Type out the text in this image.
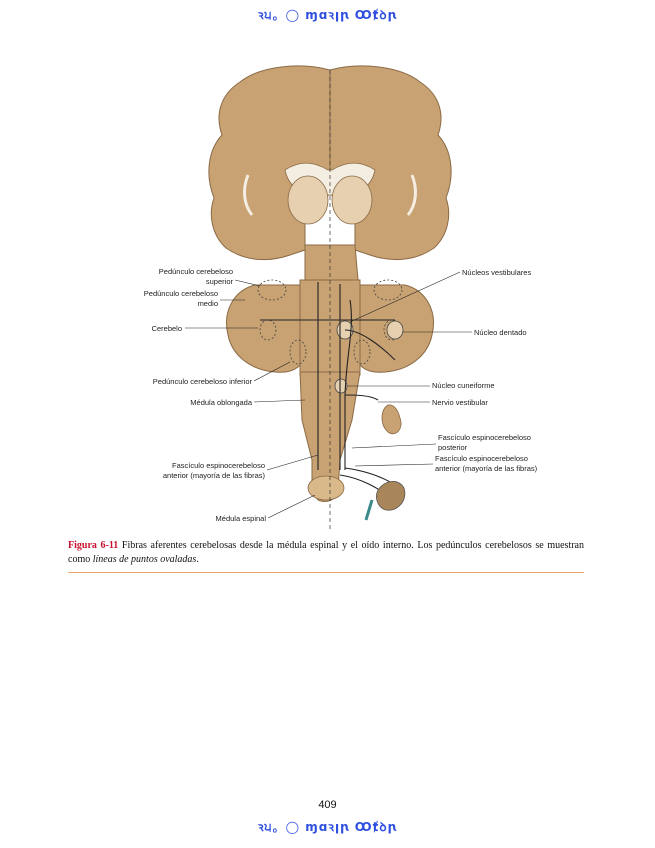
ꝛ੫。◯ ɱɑꝛꞁꞃ Ꝏⱦꝺꞃ
Pedúnculo cerebeloso
superior
Pedúnculo cerebeloso
medio
Cerebelo
Pedúnculo cerebeloso inferior
Médula oblongada
Fascículo espinocerebeloso
anterior (mayoría de las fibras)
Médula espinal
Núcleos vestibulares
Núcleo dentado
Núcleo cuneiforme
Nervio vestibular
Fascículo espinocerebeloso
posterior
Fascículo espinocerebeloso
anterior (mayoría de las fibras)
Figura 6-11 Fibras aferentes cerebelosas desde la médula espinal y el oído interno. Los pedúnculos cerebelosos se muestran como líneas de puntos ovaladas.
409
ꝛ੫。◯ ɱɑꝛꞁꞃ Ꝏⱦꝺꞃ
